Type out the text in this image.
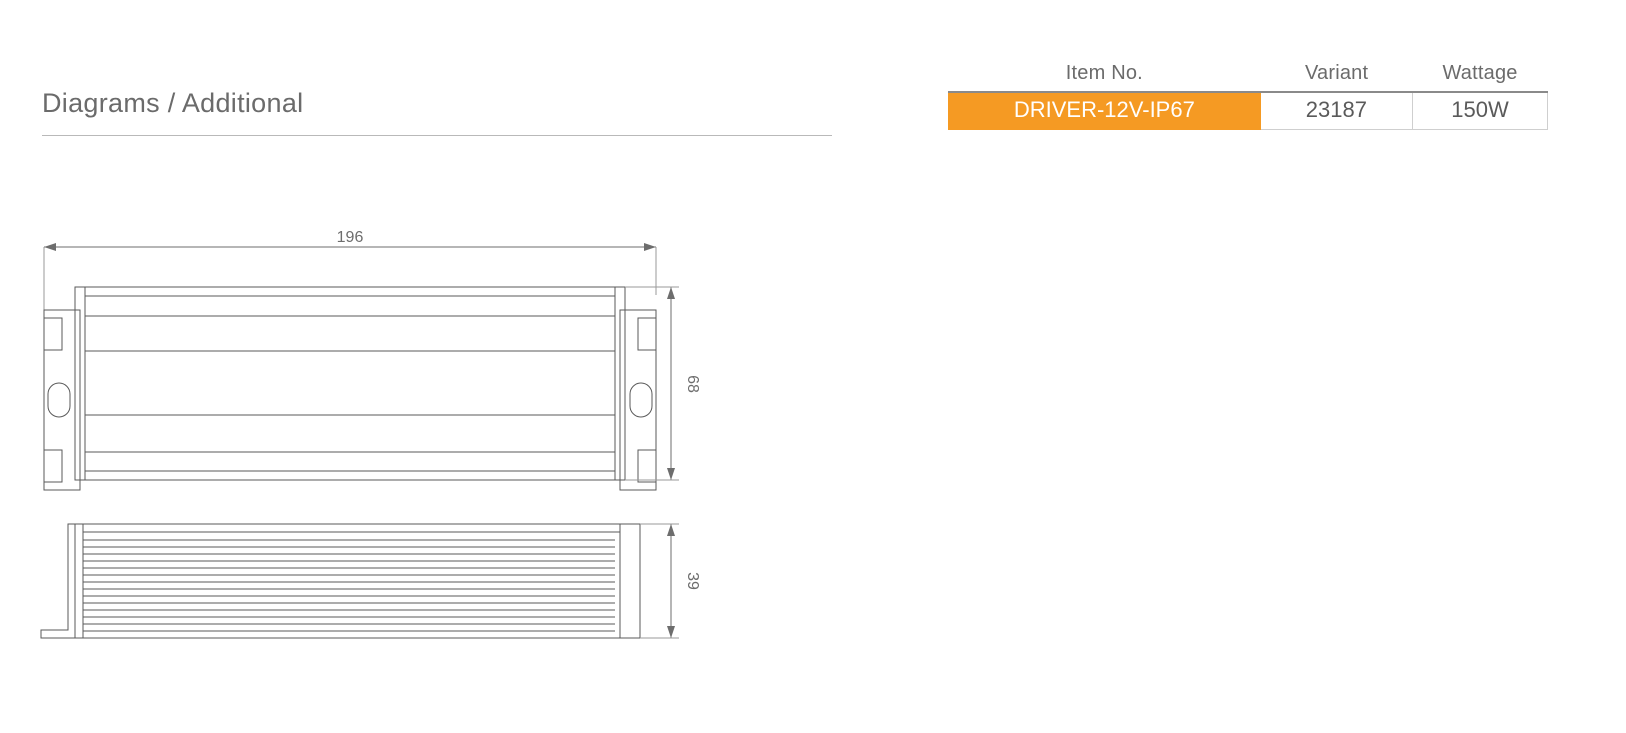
Diagrams / Additional
Item No.	Variant	Wattage
DRIVER-12V-IP67	23187	150W
196
68
39
